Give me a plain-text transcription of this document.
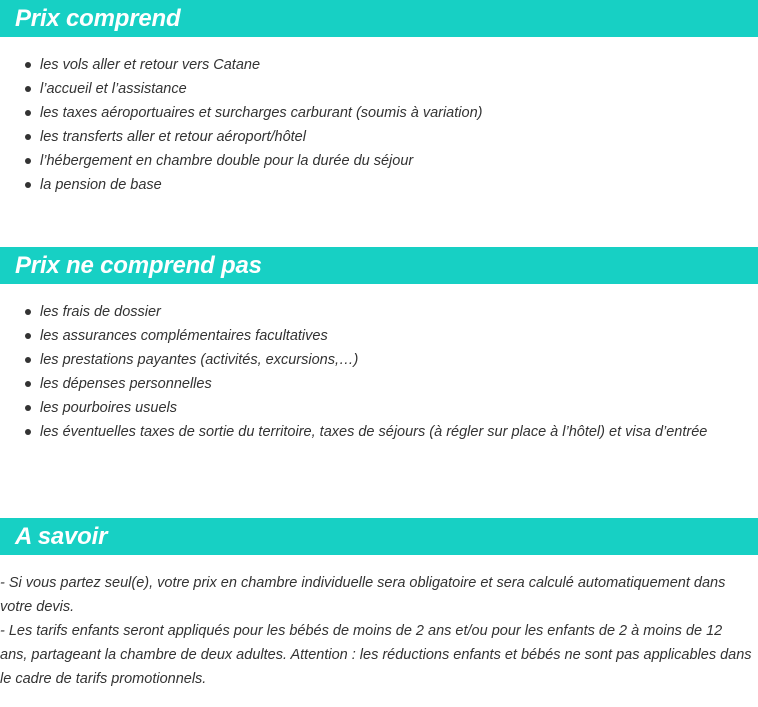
Prix comprend
les vols aller et retour vers Catane
l’accueil et l’assistance
les taxes aéroportuaires et surcharges carburant (soumis à variation)
les transferts aller et retour aéroport/hôtel
l’hébergement en chambre double pour la durée du séjour
la pension de base
Prix ne comprend pas
les frais de dossier
les assurances complémentaires facultatives
les prestations payantes (activités, excursions,…)
les dépenses personnelles
les pourboires usuels
les éventuelles taxes de sortie du territoire, taxes de séjours (à régler sur place à l’hôtel) et visa d’entrée
A savoir

- Si vous partez seul(e), votre prix en chambre individuelle sera obligatoire et sera calculé automatiquement dans votre devis.

- Les tarifs enfants seront appliqués pour les bébés de moins de 2 ans et/ou pour les enfants de 2 à moins de 12 ans, partageant la chambre de deux adultes. Attention : les réductions enfants et bébés ne sont pas applicables dans le cadre de tarifs promotionnels.
